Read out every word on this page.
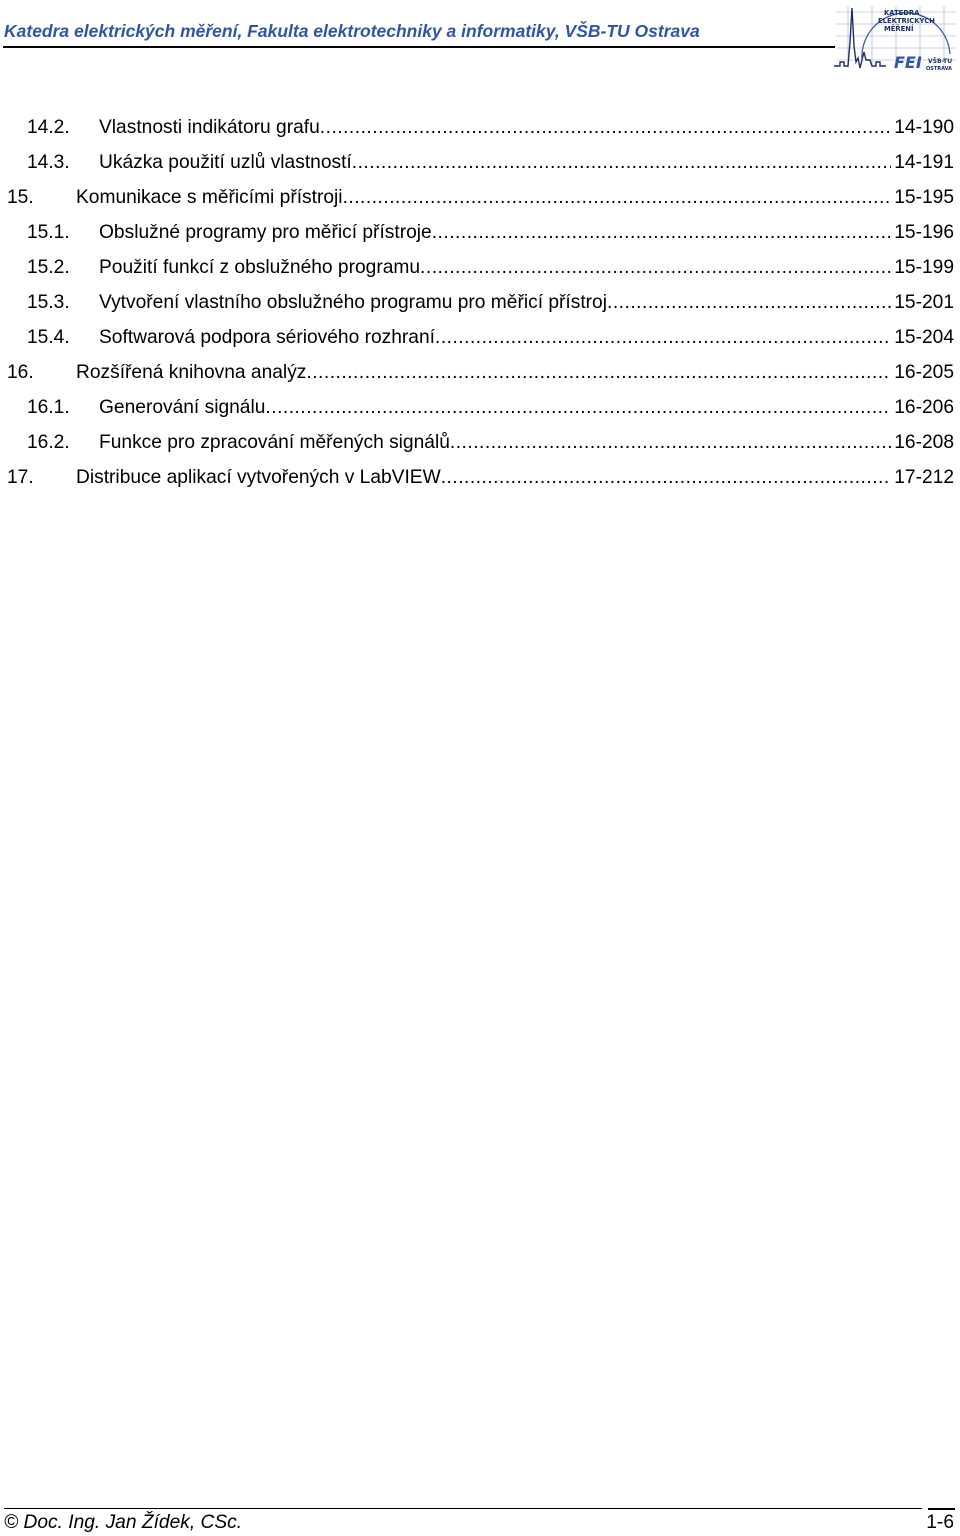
Katedra elektrických měření, Fakulta elektrotechniky a informatiky, VŠB-TU Ostrava
KATEDRA
ELEKTRICKÝCH
MĚŘENÍ
FEI VŠB-TU
OSTRAVA
14.2. Vlastnosti indikátoru grafu .....	14-190
14.3. Ukázka použití uzlů vlastností .....	14-191
15. Komunikace s měřicími přístroji .....	15-195
15.1. Obslužné programy pro měřicí přístroje .....	15-196
15.2. Použití funkcí z obslužného programu .....	15-199
15.3. Vytvoření vlastního obslužného programu pro měřicí přístroj .....	15-201
15.4. Softwarová podpora sériového rozhraní .....	15-204
16. Rozšířená knihovna analýz .....	16-205
16.1. Generování signálu .....	16-206
16.2. Funkce pro zpracování měřených signálů .....	16-208
17. Distribuce aplikací vytvořených v LabVIEW .....	17-212
© Doc. Ing. Jan Žídek, CSc.	1-6
